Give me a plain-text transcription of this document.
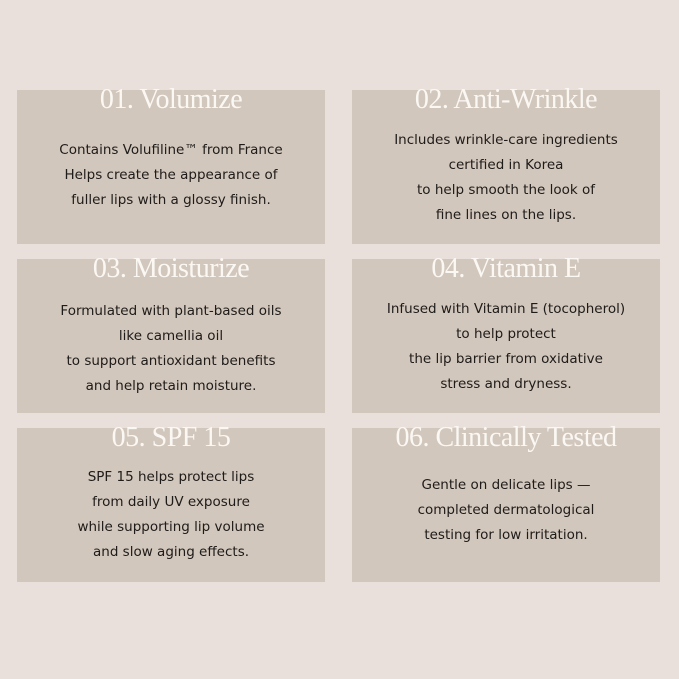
01. Volumize
Contains Volufiline™ from France
Helps create the appearance of
fuller lips with a glossy finish.
02. Anti-Wrinkle
Includes wrinkle-care ingredients
certified in Korea
to help smooth the look of
fine lines on the lips.
03. Moisturize
Formulated with plant-based oils
like camellia oil
to support antioxidant benefits
and help retain moisture.
04. Vitamin E
Infused with Vitamin E (tocopherol)
to help protect
the lip barrier from oxidative
stress and dryness.
05. SPF 15
SPF 15 helps protect lips
from daily UV exposure
while supporting lip volume
and slow aging effects.
06. Clinically Tested
Gentle on delicate lips —
completed dermatological
testing for low irritation.
